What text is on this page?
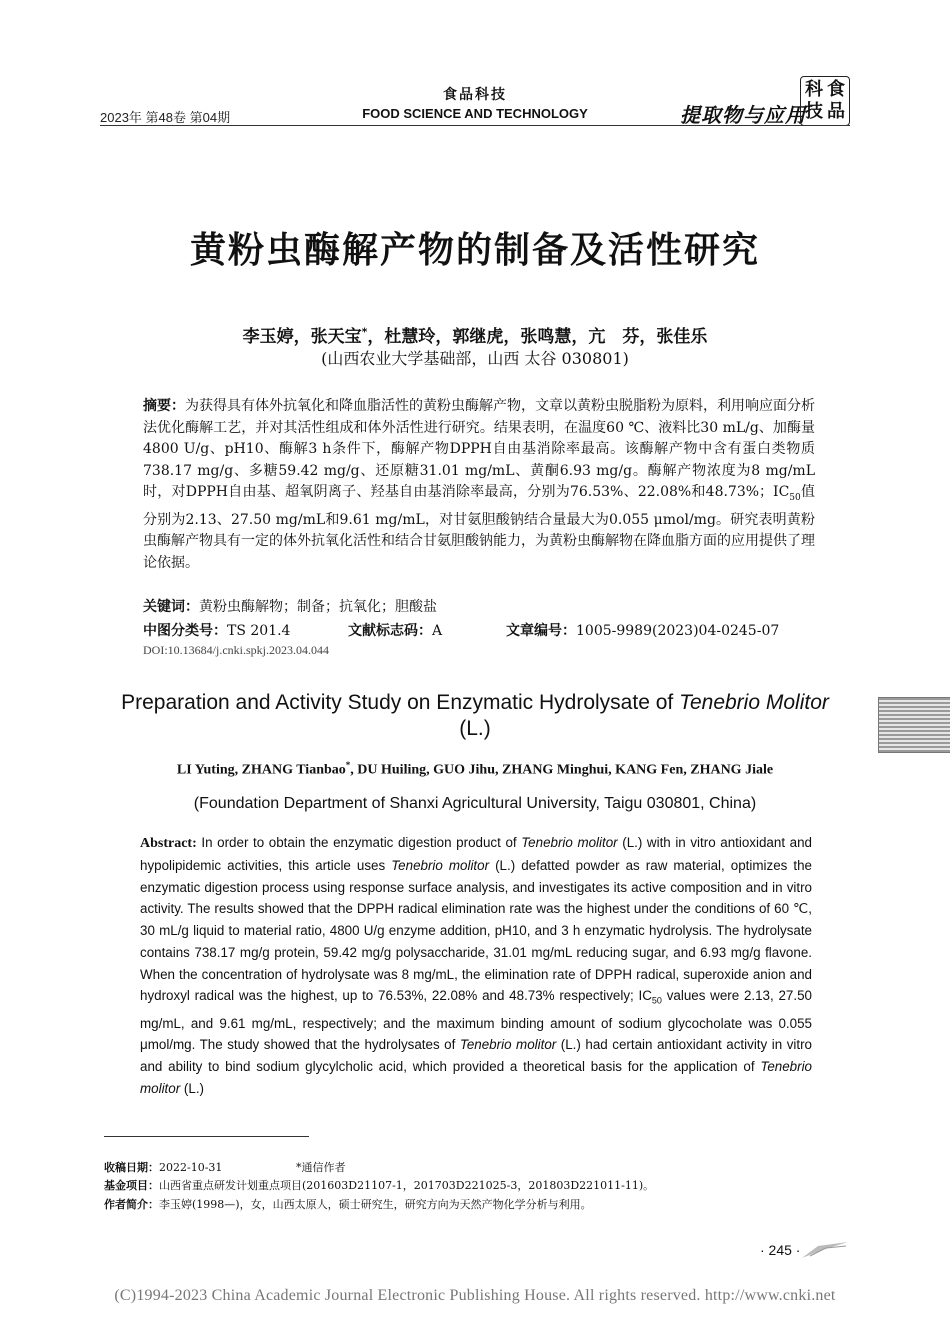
2023年 第48卷 第04期
食品科技
FOOD SCIENCE AND TECHNOLOGY	提取物与应用
科 食
技 品
黄粉虫酶解产物的制备及活性研究
李玉婷，张天宝*，杜慧玲，郭继虎，张鸣慧，亢　芬，张佳乐
(山西农业大学基础部，山西 太谷 030801)
摘要：为获得具有体外抗氧化和降血脂活性的黄粉虫酶解产物，文章以黄粉虫脱脂粉为原料，利用响应面分析法优化酶解工艺，并对其活性组成和体外活性进行研究。结果表明，在温度60 ℃、液料比30 mL/g、加酶量4800 U/g、pH10、酶解3 h条件下，酶解产物DPPH自由基消除率最高。该酶解产物中含有蛋白类物质738.17 mg/g、多糖59.42 mg/g、还原糖31.01 mg/mL、黄酮6.93 mg/g。酶解产物浓度为8 mg/mL时，对DPPH自由基、超氧阴离子、羟基自由基消除率最高，分别为76.53%、22.08%和48.73%；$IC_{50}$值分别为2.13、27.50 mg/mL和9.61 mg/mL，对甘氨胆酸钠结合量最大为0.055 μmol/mg。研究表明黄粉虫酶解产物具有一定的体外抗氧化活性和结合甘氨胆酸钠能力，为黄粉虫酶解物在降血脂方面的应用提供了理论依据。
关键词：黄粉虫酶解物；制备；抗氧化；胆酸盐
中图分类号：TS 201.4	文献标志码：A	文章编号：1005-9989(2023)04-0245-07
DOI:10.13684/j.cnki.spkj.2023.04.044
Preparation and Activity Study on Enzymatic Hydrolysate of Tenebrio Molitor (L.)
LI Yuting, ZHANG Tianbao*, DU Huiling, GUO Jihu, ZHANG Minghui, KANG Fen, ZHANG Jiale
(Foundation Department of Shanxi Agricultural University, Taigu 030801, China)
Abstract: In order to obtain the enzymatic digestion product of Tenebrio molitor (L.) with in vitro antioxidant and hypolipidemic activities, this article uses Tenebrio molitor (L.) defatted powder as raw material, optimizes the enzymatic digestion process using response surface analysis, and investigates its active composition and in vitro activity. The results showed that the DPPH radical elimination rate was the highest under the conditions of 60 ℃, 30 mL/g liquid to material ratio, 4800 U/g enzyme addition, pH10, and 3 h enzymatic hydrolysis. The hydrolysate contains 738.17 mg/g protein, 59.42 mg/g polysaccharide, 31.01 mg/mL reducing sugar, and 6.93 mg/g flavone. When the concentration of hydrolysate was 8 mg/mL, the elimination rate of DPPH radical, superoxide anion and hydroxyl radical was the highest, up to 76.53%, 22.08% and 48.73% respectively; $IC_{50}$ values were 2.13, 27.50 mg/mL, and 9.61 mg/mL, respectively; and the maximum binding amount of sodium glycocholate was 0.055 μmol/mg. The study showed that the hydrolysates of Tenebrio molitor (L.) had certain antioxidant activity in vitro and ability to bind sodium glycylcholic acid, which provided a theoretical basis for the application of Tenebrio molitor (L.)
收稿日期：2022-10-31	*通信作者
基金项目：山西省重点研发计划重点项目(201603D21107-1，201703D221025-3，201803D221011-11)。
作者简介：李玉婷(1998—)，女，山西太原人，硕士研究生，研究方向为天然产物化学分析与利用。
· 245 ·
(C)1994-2023 China Academic Journal Electronic Publishing House. All rights reserved. http://www.cnki.net
